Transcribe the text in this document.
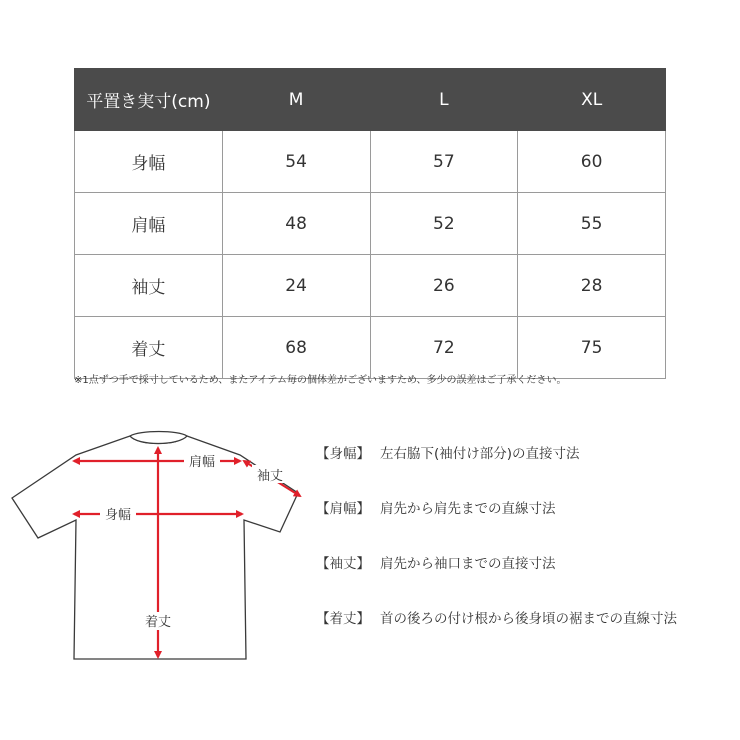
平置き実寸(cm)	M	L	XL
身幅	54	57	60
肩幅	48	52	55
袖丈	24	26	28
着丈	68	72	75
※1点ずつ手で採寸しているため、またアイテム毎の個体差がございますため、多少の誤差はご了承ください。
肩幅
袖丈
身幅
着丈
【身幅】 左右脇下(袖付け部分)の直接寸法
【肩幅】 肩先から肩先までの直線寸法
【袖丈】 肩先から袖口までの直接寸法
【着丈】 首の後ろの付け根から後身頃の裾までの直線寸法
